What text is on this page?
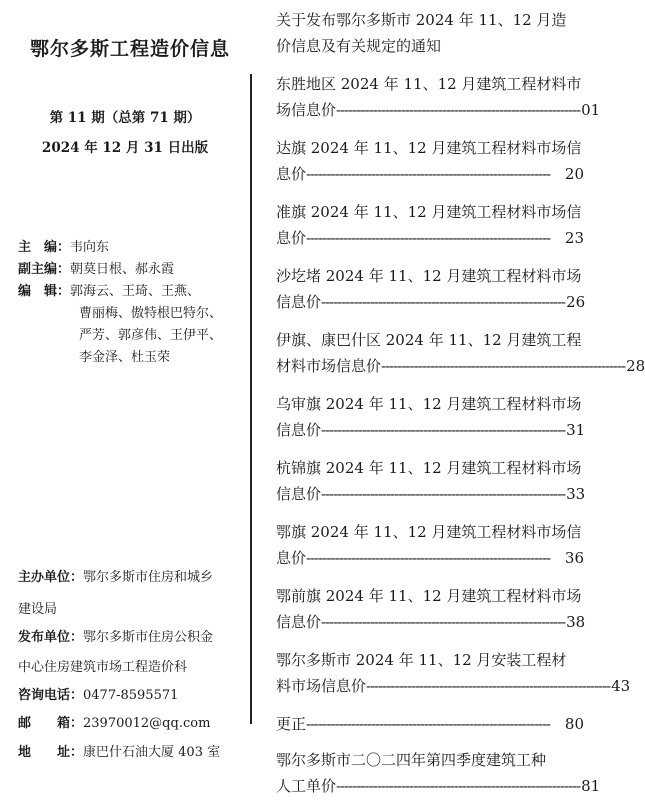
鄂尔多斯工程造价信息
第 11 期（总第 71 期）
2024 年 12 月 31 日出版
主　编：韦向东
副主编：朝莫日根、郝永霞
编　辑：郭海云、王琦、王燕、
曹丽梅、傲特根巴特尔、
严芳、郭彦伟、王伊平、
李金泽、杜玉荣
主办单位：鄂尔多斯市住房和城乡
建设局
发布单位：鄂尔多斯市住房公积金
中心住房建筑市场工程造价科
咨询电话：0477-8595571
邮　　箱：23970012@qq.com
地　　址：康巴什石油大厦 403 室
关于发布鄂尔多斯市 2024 年 11、12 月造
价信息及有关规定的通知
东胜地区 2024 年 11、12 月建筑工程材料市
场信息价 ------------------------------------------------------------ 01
达旗 2024 年 11、12 月建筑工程材料市场信
息价 ------------------------------------------------------------ 20
准旗 2024 年 11、12 月建筑工程材料市场信
息价 ------------------------------------------------------------ 23
沙圪堵 2024 年 11、12 月建筑工程材料市场
信息价 ------------------------------------------------------------ 26
伊旗、康巴什区 2024 年 11、12 月建筑工程
材料市场信息价 ------------------------------------------------------------ 28
乌审旗 2024 年 11、12 月建筑工程材料市场
信息价 ------------------------------------------------------------ 31
杭锦旗 2024 年 11、12 月建筑工程材料市场
信息价 ------------------------------------------------------------ 33
鄂旗 2024 年 11、12 月建筑工程材料市场信
息价 ------------------------------------------------------------ 36
鄂前旗 2024 年 11、12 月建筑工程材料市场
信息价 ------------------------------------------------------------ 38
鄂尔多斯市 2024 年 11、12 月安装工程材
料市场信息价 ------------------------------------------------------------ 43
更正 ------------------------------------------------------------ 80
鄂尔多斯市二〇二四年第四季度建筑工种
人工单价 ------------------------------------------------------------ 81
